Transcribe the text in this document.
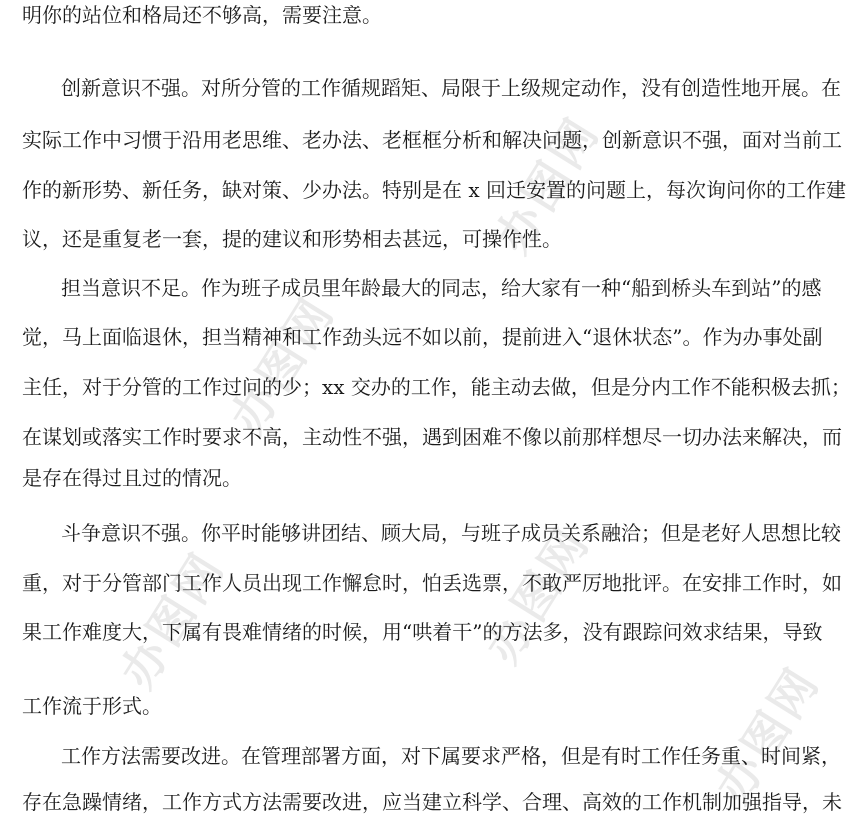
办图网
办图网
办图网
办图网
办图网
明你的站位和格局还不够高，需要注意。
创新意识不强。对所分管的工作循规蹈矩、局限于上级规定动作，没有创造性地开展。在
实际工作中习惯于沿用老思维、老办法、老框框分析和解决问题，创新意识不强，面对当前工
作的新形势、新任务，缺对策、少办法。特别是在 x 回迁安置的问题上，每次询问你的工作建
议，还是重复老一套，提的建议和形势相去甚远，可操作性。
担当意识不足。作为班子成员里年龄最大的同志，给大家有一种“船到桥头车到站”的感
觉，马上面临退休，担当精神和工作劲头远不如以前，提前进入“退休状态”。作为办事处副
主任，对于分管的工作过问的少；xx 交办的工作，能主动去做，但是分内工作不能积极去抓；
在谋划或落实工作时要求不高，主动性不强，遇到困难不像以前那样想尽一切办法来解决，而
是存在得过且过的情况。
斗争意识不强。你平时能够讲团结、顾大局，与班子成员关系融洽；但是老好人思想比较
重，对于分管部门工作人员出现工作懈怠时，怕丢选票，不敢严厉地批评。在安排工作时，如
果工作难度大，下属有畏难情绪的时候，用“哄着干”的方法多，没有跟踪问效求结果，导致
工作流于形式。
工作方法需要改进。在管理部署方面，对下属要求严格，但是有时工作任务重、时间紧，
存在急躁情绪，工作方式方法需要改进，应当建立科学、合理、高效的工作机制加强指导，未
